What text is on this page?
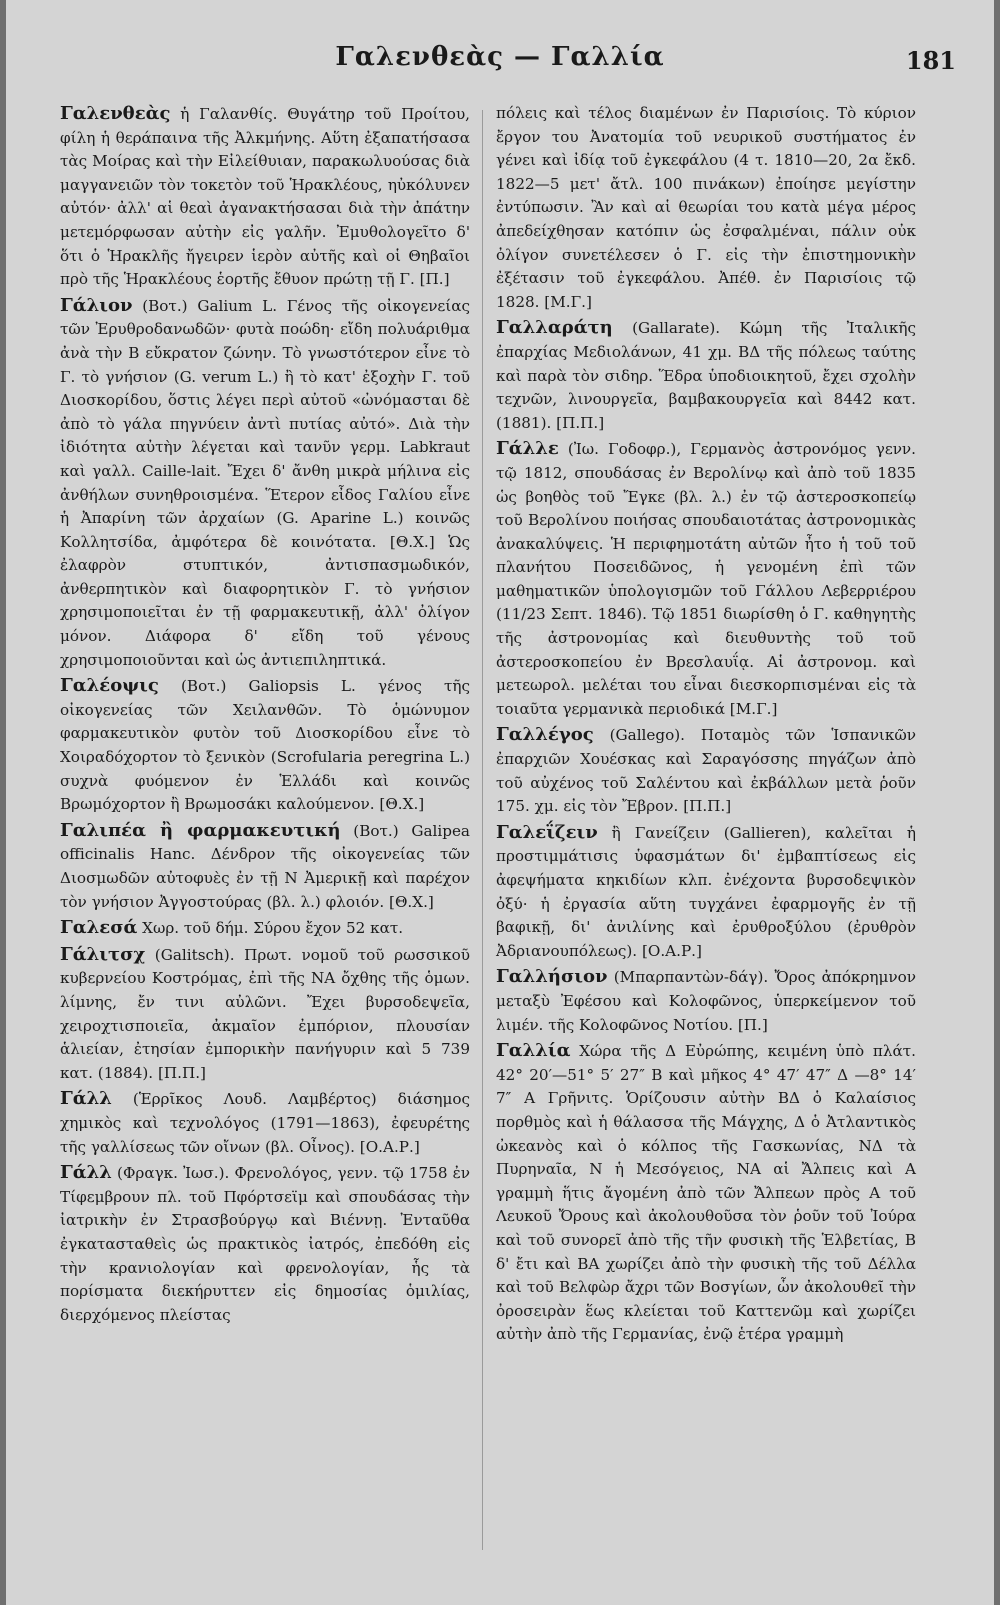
Γαλενθεὰς — Γαλλία	181

Γαλενθεὰς ἡ Γαλανθίς. Θυγάτηρ τοῦ Προίτου, φίλη ἡ θεράπαινα τῆς Ἀλκμήνης. Αὕτη ἐξαπατήσασα τὰς Μοίρας καὶ τὴν Εἰλείθυιαν, παρακωλυούσας διὰ μαγγανειῶν τὸν τοκετὸν τοῦ Ἡρακλέους, ηὐκόλυνεν αὐτόν· ἀλλ' αἱ θεαὶ ἀγανακτήσασαι διὰ τὴν ἀπάτην μετεμόρφωσαν αὐτὴν εἰς γαλῆν. Ἐμυθολογεῖτο δ' ὅτι ὁ Ἡρακλῆς ἤγειρεν ἱερὸν αὐτῆς καὶ οἱ Θηβαῖοι πρὸ τῆς Ἡρακλέους ἑορτῆς ἔθυον πρώτῃ τῇ Γ. [Π.]

Γάλιον (Βοτ.) Galium L. Γένος τῆς οἰκογενείας τῶν Ἐρυθροδανωδῶν· φυτὰ ποώδη· εἴδη πολυάριθμα ἀνὰ τὴν Β εὔκρατον ζώνην. Τὸ γνωστότερον εἶνε τὸ Γ. τὸ γνήσιον (G. verum L.) ἢ τὸ κατ' ἐξοχὴν Γ. τοῦ Διοσκορίδου, ὅστις λέγει περὶ αὐτοῦ «ὠνόμασται δὲ ἀπὸ τὸ γάλα πηγνύειν ἀντὶ πυτίας αὐτό». Διὰ τὴν ἰδιότητα αὐτὴν λέγεται καὶ τανῦν γερμ. Labkraut καὶ γαλλ. Caille-lait. Ἔχει δ' ἄνθη μικρὰ μήλινα εἰς ἀνθήλων συνηθροισμένα. Ἕτερον εἶδος Γαλίου εἶνε ἡ Ἀπαρίνη τῶν ἀρχαίων (G. Aparine L.) κοινῶς Κολλητσίδα, ἀμφότερα δὲ κοινότατα. [Θ.Χ.] Ὡς ἐλαφρὸν στυπτικόν, ἀντισπασμωδικόν, ἀνθερπητικὸν καὶ διαφορητικὸν Γ. τὸ γνήσιον χρησιμοποιεῖται ἐν τῇ φαρμακευτικῇ, ἀλλ' ὀλίγον μόνον. Διάφορα δ' εἴδη τοῦ γένους χρησιμοποιοῦνται καὶ ὡς ἀντιεπιληπτικά.

Γαλέοψις (Βοτ.) Galiopsis L. γένος τῆς οἰκογενείας τῶν Χειλανθῶν. Τὸ ὁμώνυμον φαρμακευτικὸν φυτὸν τοῦ Διοσκορίδου εἶνε τὸ Χοιραδόχορτον τὸ ξενικὸν (Scrofularia peregrina L.) συχνὰ φυόμενον ἐν Ἑλλάδι καὶ κοινῶς Βρωμόχορτον ἢ Βρωμοσάκι καλούμενον. [Θ.Χ.]

Γαλιπέα ἢ φαρμακευτική (Βοτ.) Galipea officinalis Hanc. Δένδρον τῆς οἰκογενείας τῶν Διοσμωδῶν αὐτοφυὲς ἐν τῇ Ν Ἀμερικῇ καὶ παρέχον τὸν γνήσιον Ἀγγοστούρας (βλ. λ.) φλοιόν. [Θ.Χ.]

Γαλεσά Χωρ. τοῦ δήμ. Σύρου ἔχον 52 κατ.

Γάλιτσχ (Galitsch). Πρωτ. νομοῦ τοῦ ρωσσικοῦ κυβερνείου Κοστρόμας, ἐπὶ τῆς ΝΑ ὄχθης τῆς ὁμων. λίμνης, ἔν τινι αὐλῶνι. Ἔχει βυρσοδεψεῖα, χειροχτισποιεῖα, ἀκμαῖον ἐμπόριον, πλουσίαν ἁλιείαν, ἐτησίαν ἐμπορικὴν πανήγυριν καὶ 5 739 κατ. (1884). [Π.Π.]

Γάλλ (Ἑρρῖκος Λουδ. Λαμβέρτος) διάσημος χημικὸς καὶ τεχνολόγος (1791—1863), ἐφευρέτης τῆς γαλλίσεως τῶν οἴνων (βλ. Οἶνος). [Ο.Α.Ρ.]

Γάλλ (Φραγκ. Ἰωσ.). Φρενολόγος, γενν. τῷ 1758 ἐν Τίφεμβρουν πλ. τοῦ Πφόρτσεϊμ καὶ σπουδάσας τὴν ἰατρικὴν ἐν Στρασβούργῳ καὶ Βιέννῃ. Ἐνταῦθα ἐγκατασταθεὶς ὡς πρακτικὸς ἰατρός, ἐπεδόθη εἰς τὴν κρανιολογίαν καὶ φρενολογίαν, ἧς τὰ πορίσματα διεκήρυττεν εἰς δημοσίας ὁμιλίας, διερχόμενος πλείστας

πόλεις καὶ τέλος διαμένων ἐν Παρισίοις. Τὸ κύριον ἔργον του Ἀνατομία τοῦ νευρικοῦ συστήματος ἐν γένει καὶ ἰδίᾳ τοῦ ἐγκεφάλου (4 τ. 1810—20, 2α ἔκδ. 1822—5 μετ' ἄτλ. 100 πινάκων) ἐποίησε μεγίστην ἐντύπωσιν. Ἂν καὶ αἱ θεωρίαι του κατὰ μέγα μέρος ἀπεδείχθησαν κατόπιν ὡς ἐσφαλμέναι, πάλιν οὐκ ὀλίγον συνετέλεσεν ὁ Γ. εἰς τὴν ἐπιστημονικὴν ἐξέτασιν τοῦ ἐγκεφάλου. Ἀπέθ. ἐν Παρισίοις τῷ 1828. [Μ.Γ.]

Γαλλαράτη (Gallarate). Κώμη τῆς Ἰταλικῆς ἐπαρχίας Μεδιολάνων, 41 χμ. ΒΔ τῆς πόλεως ταύτης καὶ παρὰ τὸν σιδηρ. Ἕδρα ὑποδιοικητοῦ, ἔχει σχολὴν τεχνῶν, λινουργεῖα, βαμβακουργεῖα καὶ 8442 κατ. (1881). [Π.Π.]

Γάλλε (Ἰω. Γοδοφρ.), Γερμανὸς ἀστρονόμος γενν. τῷ 1812, σπουδάσας ἐν Βερολίνῳ καὶ ἀπὸ τοῦ 1835 ὡς βοηθὸς τοῦ Ἔγκε (βλ. λ.) ἐν τῷ ἀστεροσκοπείῳ τοῦ Βερολίνου ποιήσας σπουδαιοτάτας ἀστρονομικὰς ἀνακαλύψεις. Ἡ περιφημοτάτη αὐτῶν ἦτο ἡ τοῦ τοῦ πλανήτου Ποσειδῶνος, ἡ γενομένη ἐπὶ τῶν μαθηματικῶν ὑπολογισμῶν τοῦ Γάλλου Λεβερριέρου (11/23 Σεπτ. 1846). Τῷ 1851 διωρίσθη ὁ Γ. καθηγητὴς τῆς ἀστρονομίας καὶ διευθυντὴς τοῦ τοῦ ἀστεροσκοπείου ἐν Βρεσλαυΐᾳ. Αἱ ἀστρονομ. καὶ μετεωρολ. μελέται του εἶναι διεσκορπισμέναι εἰς τὰ τοιαῦτα γερμανικὰ περιοδικά [Μ.Γ.]

Γαλλέγος (Gallego). Ποταμὸς τῶν Ἱσπανικῶν ἐπαρχιῶν Χουέσκας καὶ Σαραγόσσης πηγάζων ἀπὸ τοῦ αὐχένος τοῦ Σαλέντου καὶ ἐκβάλλων μετὰ ῥοῦν 175. χμ. εἰς τὸν Ἔβρον. [Π.Π.]

Γαλεΐζειν ἢ Γανείζειν (Gallieren), καλεῖται ἡ προστιμμάτισις ὑφασμάτων δι' ἐμβαπτίσεως εἰς ἀφεψήματα κηκιδίων κλπ. ἐνέχοντα βυρσοδεψικὸν ὀξύ· ἡ ἐργασία αὕτη τυγχάνει ἐφαρμογῆς ἐν τῇ βαφικῇ, δι' ἀνιλίνης καὶ ἐρυθροξύλου (ἐρυθρὸν Ἀδριανουπόλεως). [Ο.Α.Ρ.]

Γαλλήσιον (Μπαρπαντὼν-δάγ). Ὄρος ἀπόκρημνον μεταξὺ Ἐφέσου καὶ Κολοφῶνος, ὑπερκείμενον τοῦ λιμέν. τῆς Κολοφῶνος Νοτίου. [Π.]

Γαλλία Χώρα τῆς Δ Εὐρώπης, κειμένη ὑπὸ πλάτ. 42° 20′—51° 5′ 27″ Β καὶ μῆκος 4° 47′ 47″ Δ —8° 14′ 7″ Α Γρῆνιτς. Ὁρίζουσιν αὐτὴν ΒΔ ὁ Καλαίσιος πορθμὸς καὶ ἡ θάλασσα τῆς Μάγχης, Δ ὁ Ἀτλαντικὸς ὠκεανὸς καὶ ὁ κόλπος τῆς Γασκωνίας, ΝΔ τὰ Πυρηναῖα, Ν ἡ Μεσόγειος, ΝΑ αἱ Ἄλπεις καὶ Α γραμμὴ ἥτις ἄγομένη ἀπὸ τῶν Ἄλπεων πρὸς Α τοῦ Λευκοῦ Ὄρους καὶ ἀκολουθοῦσα τὸν ῥοῦν τοῦ Ἰούρα καὶ τοῦ συνορεῖ ἀπὸ τῆς τῆν φυσικὴ τῆς Ἑλβετίας, Β δ' ἔτι καὶ ΒΑ χωρίζει ἀπὸ τὴν φυσικὴ τῆς τοῦ Δέλλα καὶ τοῦ Βελφὼρ ἄχρι τῶν Βοσγίων, ὧν ἀκολουθεῖ τὴν ὀροσειρὰν ἕως κλείεται τοῦ Καττενῶμ καὶ χωρίζει αὐτὴν ἀπὸ τῆς Γερμανίας, ἐνῷ ἑτέρα γραμμὴ
